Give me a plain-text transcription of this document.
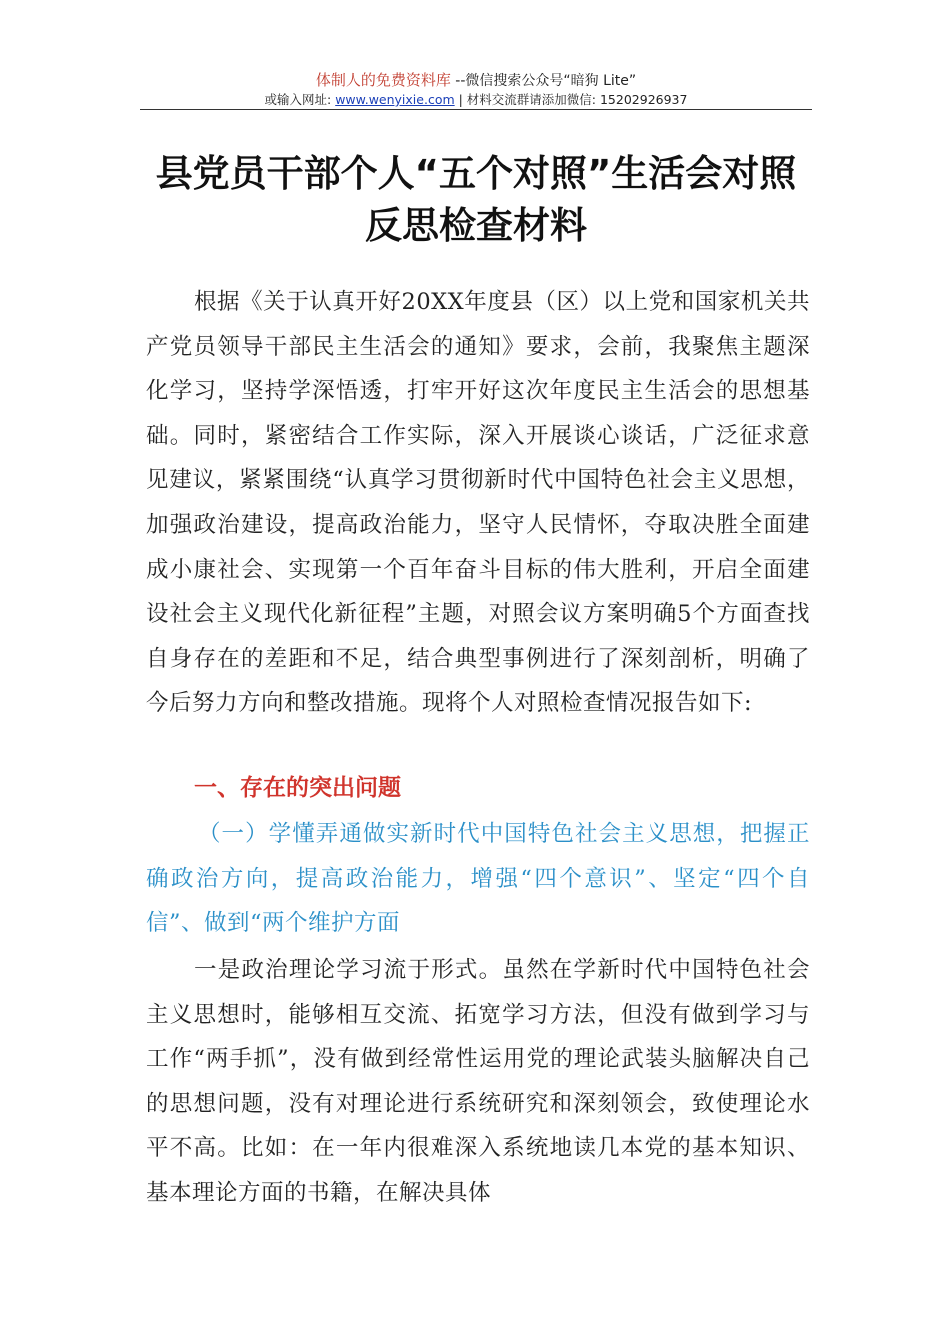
体制人的免费资料库 --微信搜索公众号“暗狗 Lite”
或输入网址: www.wenyixie.com | 材料交流群请添加微信: 15202926937
县党员干部个人“五个对照”生活会对照
反思检查材料

根据《关于认真开好20XX年度县（区）以上党和国家机关共产党员领导干部民主生活会的通知》要求，会前，我聚焦主题深化学习，坚持学深悟透，打牢开好这次年度民主生活会的思想基础。同时，紧密结合工作实际，深入开展谈心谈话，广泛征求意见建议，紧紧围绕“认真学习贯彻新时代中国特色社会主义思想，加强政治建设，提高政治能力，坚守人民情怀，夺取决胜全面建成小康社会、实现第一个百年奋斗目标的伟大胜利，开启全面建设社会主义现代化新征程”主题，对照会议方案明确5个方面查找自身存在的差距和不足，结合典型事例进行了深刻剖析，明确了今后努力方向和整改措施。现将个人对照检查情况报告如下:

一、存在的突出问题

（一）学懂弄通做实新时代中国特色社会主义思想，把握正确政治方向，提高政治能力，增强“四个意识”、坚定“四个自信”、做到“两个维护方面

一是政治理论学习流于形式。虽然在学新时代中国特色社会主义思想时，能够相互交流、拓宽学习方法，但没有做到学习与工作“两手抓”，没有做到经常性运用党的理论武装头脑解决自己的思想问题，没有对理论进行系统研究和深刻领会，致使理论水平不高。比如：在一年内很难深入系统地读几本党的基本知识、基本理论方面的书籍，在解决具体
